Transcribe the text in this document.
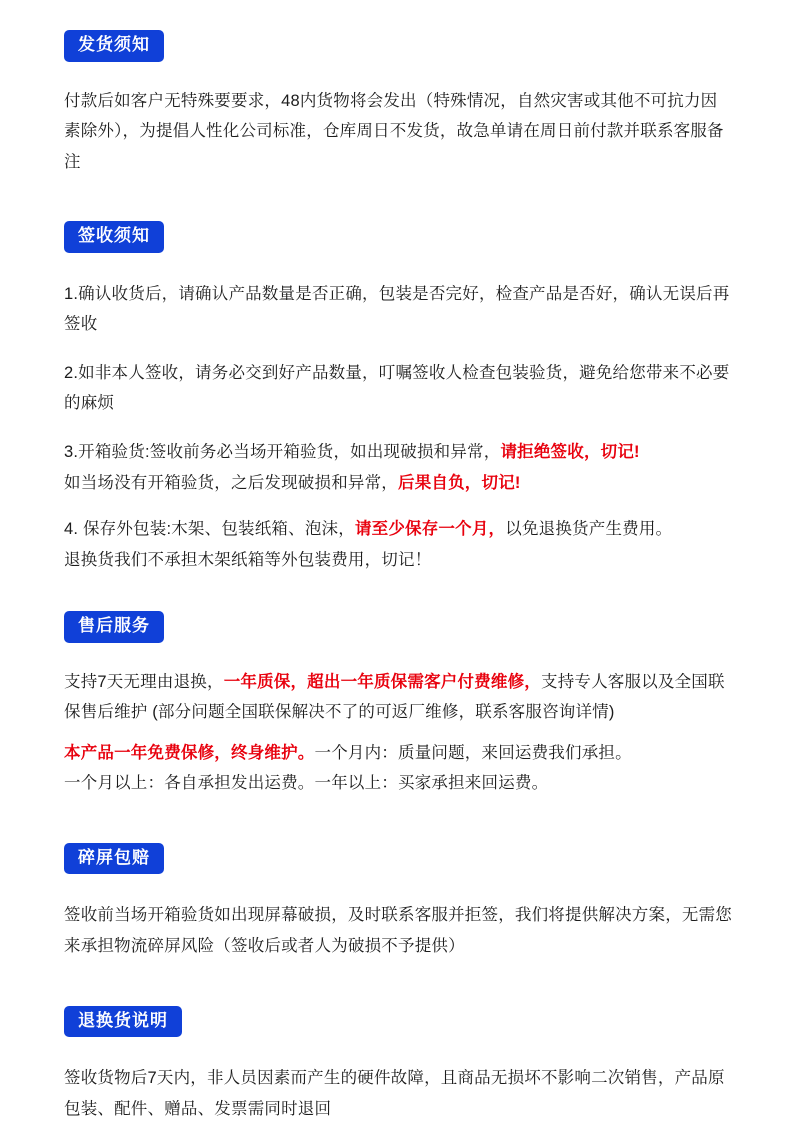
发货须知

付款后如客户无特殊要要求，48内货物将会发出（特殊情况，自然灾害或其他不可抗力因素除外），为提倡人性化公司标准，仓库周日不发货，故急单请在周日前付款并联系客服备注

签收须知

1.确认收货后，请确认产品数量是否正确，包装是否完好，检查产品是否好，确认无误后再签收

2.如非本人签收，请务必交到好产品数量，叮嘱签收人检查包装验货，避免给您带来不必要的麻烦

3.开箱验货:签收前务必当场开箱验货，如出现破损和异常，请拒绝签收，切记!
如当场没有开箱验货，之后发现破损和异常，后果自负，切记!

4. 保存外包装:木架、包装纸箱、泡沫，请至少保存一个月，以免退换货产生费用。
退换货我们不承担木架纸箱等外包装费用，切记！

售后服务

支持7天无理由退换，一年质保，超出一年质保需客户付费维修，支持专人客服以及全国联保售后维护 (部分问题全国联保解决不了的可返厂维修，联系客服咨询详情)

本产品一年免费保修，终身维护。一个月内：质量问题，来回运费我们承担。
一个月以上：各自承担发出运费。一年以上：买家承担来回运费。

碎屏包赔

签收前当场开箱验货如出现屏幕破损，及时联系客服并拒签，我们将提供解决方案，无需您来承担物流碎屏风险（签收后或者人为破损不予提供）

退换货说明

签收货物后7天内，非人员因素而产生的硬件故障，且商品无损坏不影响二次销售，产品原包装、配件、赠品、发票需同时退回
